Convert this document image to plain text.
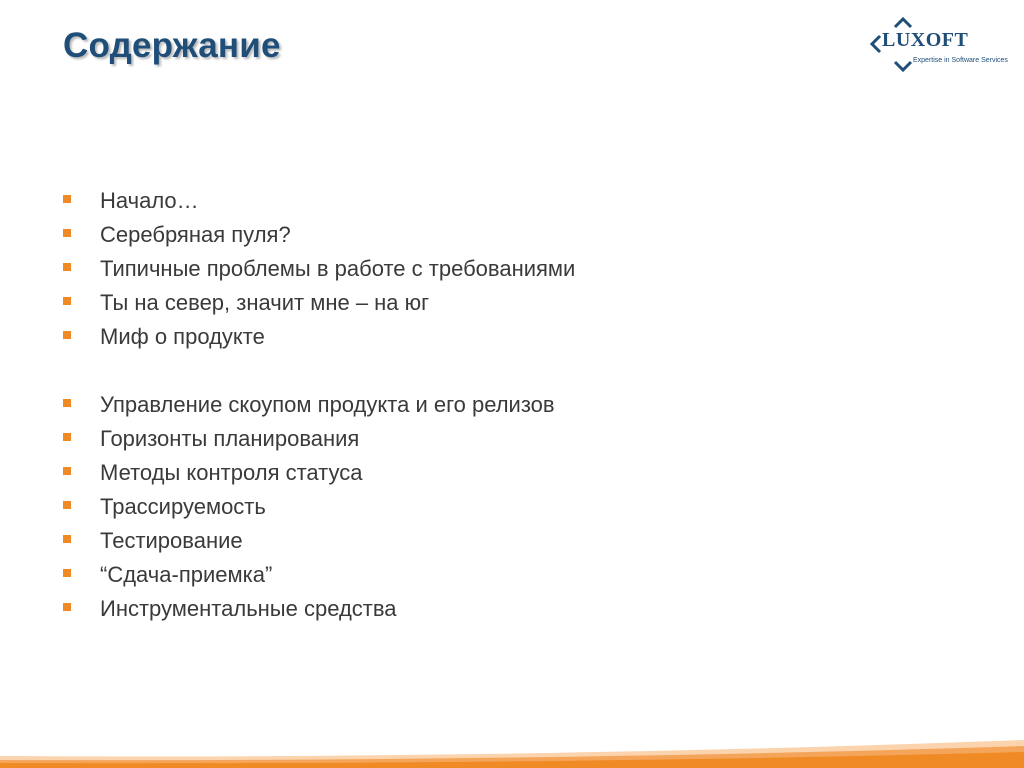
Содержание	LUXOFT
Expertise in Software Services
Начало…
Серебряная пуля?
Типичные проблемы в работе с требованиями
Ты на север, значит мне – на юг
Миф о продукте
Управление скоупом продукта и его релизов
Горизонты планирования
Методы контроля статуса
Трассируемость
Тестирование
“Сдача-приемка”
Инструментальные средства
